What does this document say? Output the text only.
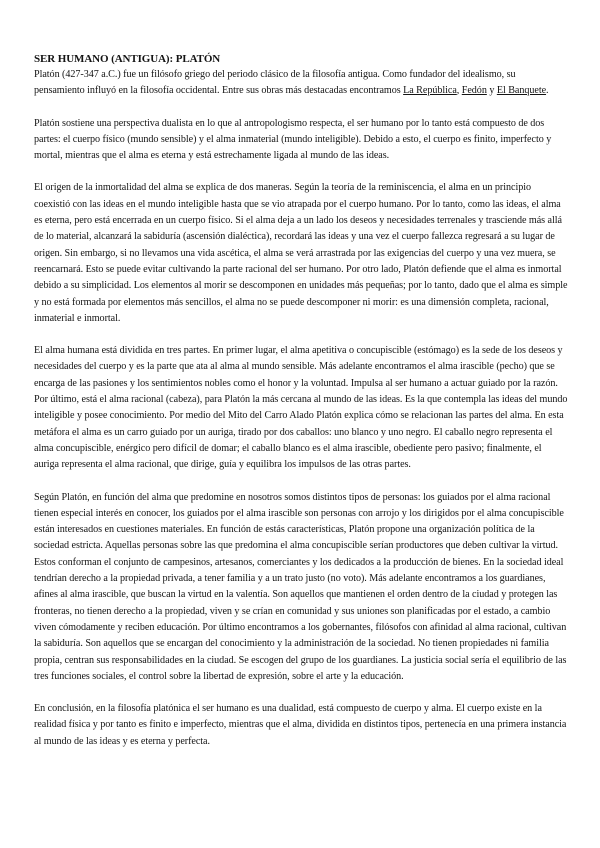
SER HUMANO (ANTIGUA): PLATÓN

Platón (427-347 a.C.) fue un filósofo griego del periodo clásico de la filosofía antigua. Como fundador del idealismo, su pensamiento influyó en la filosofía occidental. Entre sus obras más destacadas encontramos La República, Fedón y El Banquete.

Platón sostiene una perspectiva dualista en lo que al antropologismo respecta, el ser humano por lo tanto está compuesto de dos partes: el cuerpo físico (mundo sensible) y el alma inmaterial (mundo inteligible). Debido a esto, el cuerpo es finito, imperfecto y mortal, mientras que el alma es eterna y está estrechamente ligada al mundo de las ideas.

El origen de la inmortalidad del alma se explica de dos maneras. Según la teoría de la reminiscencia, el alma en un principio coexistió con las ideas en el mundo inteligible hasta que se vio atrapada por el cuerpo humano. Por lo tanto, como las ideas, el alma es eterna, pero está encerrada en un cuerpo físico. Si el alma deja a un lado los deseos y necesidades terrenales y trasciende más allá de lo material, alcanzará la sabiduría (ascensión dialéctica), recordará las ideas y una vez el cuerpo fallezca regresará a su lugar de origen. Sin embargo, si no llevamos una vida ascética, el alma se verá arrastrada por las exigencias del cuerpo y una vez muera, se reencarnará. Esto se puede evitar cultivando la parte racional del ser humano. Por otro lado, Platón defiende que el alma es inmortal debido a su simplicidad. Los elementos al morir se descomponen en unidades más pequeñas; por lo tanto, dado que el alma es simple y no está formada por elementos más sencillos, el alma no se puede descomponer ni morir: es una dimensión completa, racional, inmaterial e inmortal.

El alma humana está dividida en tres partes. En primer lugar, el alma apetitiva o concupiscible (estómago) es la sede de los deseos y necesidades del cuerpo y es la parte que ata al alma al mundo sensible. Más adelante encontramos el alma irascible (pecho) que se encarga de las pasiones y los sentimientos nobles como el honor y la voluntad. Impulsa al ser humano a actuar guiado por la razón. Por último, está el alma racional (cabeza), para Platón la más cercana al mundo de las ideas. Es la que contempla las ideas del mundo inteligible y posee conocimiento. Por medio del Mito del Carro Alado Platón explica cómo se relacionan las partes del alma. En esta metáfora el alma es un carro guiado por un auriga, tirado por dos caballos: uno blanco y uno negro. El caballo negro representa el alma concupiscible, enérgico pero difícil de domar; el caballo blanco es el alma irascible, obediente pero pasivo; finalmente, el auriga representa el alma racional, que dirige, guía y equilibra los impulsos de las otras partes.

Según Platón, en función del alma que predomine en nosotros somos distintos tipos de personas: los guiados por el alma racional tienen especial interés en conocer, los guiados por el alma irascible son personas con arrojo y los dirigidos por el alma concupiscible están interesados en cuestiones materiales. En función de estás características, Platón propone una organización política de la sociedad estricta. Aquellas personas sobre las que predomina el alma concupiscible serían productores que deben cultivar la virtud. Estos conforman el conjunto de campesinos, artesanos, comerciantes y los dedicados a la producción de bienes. En la sociedad ideal tendrían derecho a la propiedad privada, a tener familia y a un trato justo (no voto). Más adelante encontramos a los guardianes, afines al alma irascible, que buscan la virtud en la valentía. Son aquellos que mantienen el orden dentro de la ciudad y protegen las fronteras, no tienen derecho a la propiedad, viven y se crían en comunidad y sus uniones son planificadas por el estado, a cambio viven cómodamente y reciben educación. Por último encontramos a los gobernantes, filósofos con afinidad al alma racional, cultivan la sabiduría. Son aquellos que se encargan del conocimiento y la administración de la sociedad. No tienen propiedades ni familia propia, centran sus responsabilidades en la ciudad. Se escogen del grupo de los guardianes. La justicia social sería el equilibrio de las tres funciones sociales, el control sobre la libertad de expresión, sobre el arte y la educación.

En conclusión, en la filosofía platónica el ser humano es una dualidad, está compuesto de cuerpo y alma. El cuerpo existe en la realidad física y por tanto es finito e imperfecto, mientras que el alma, dividida en distintos tipos, pertenecía en una primera instancia al mundo de las ideas y es eterna y perfecta.
